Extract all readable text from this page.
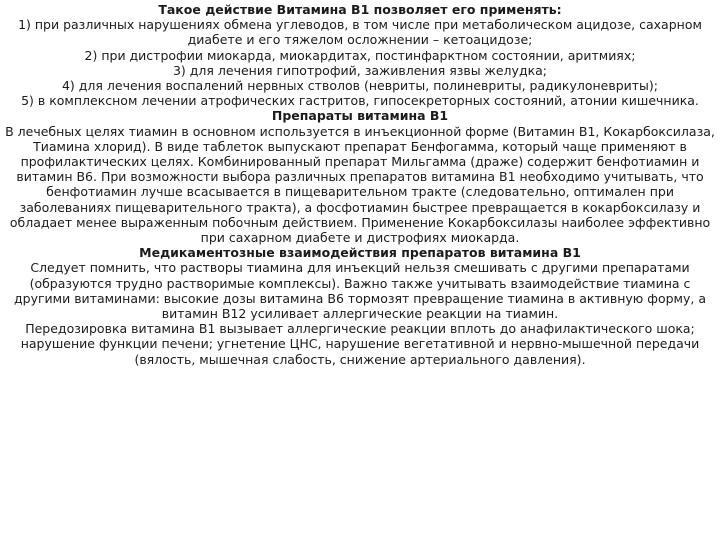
Такое действие Витамина В1 позволяет его применять:

1) при различных нарушениях обмена углеводов, в том числе при метаболическом ацидозе, сахарном диабете и его тяжелом осложнении – кетоацидозе;

2) при дистрофии миокарда, миокардитах, постинфарктном состоянии, аритмиях;

3) для лечения гипотрофий, заживления язвы желудка;

4) для лечения воспалений нервных стволов (невриты, полиневриты, радикулоневриты);

5) в комплексном лечении атрофических гастритов, гипосекреторных состояний, атонии кишечника.

Препараты витамина В1

В лечебных целях тиамин в основном используется в инъекционной форме (Витамин В1, Кокарбоксилаза, Тиамина хлорид). В виде таблеток выпускают препарат Бенфогамма, который чаще применяют в профилактических целях. Комбинированный препарат Мильгамма (драже) содержит бенфотиамин и витамин В6. При возможности выбора различных препаратов витамина В1 необходимо учитывать, что бенфотиамин лучше всасывается в пищеварительном тракте (следовательно, оптимален при заболеваниях пищеварительного тракта), а фосфотиамин быстрее превращается в кокарбоксилазу и обладает менее выраженным побочным действием. Применение Кокарбоксилазы наиболее эффективно при сахарном диабете и дистрофиях миокарда.

Медикаментозные взаимодействия препаратов витамина В1

Следует помнить, что растворы тиамина для инъекций нельзя смешивать с другими препаратами (образуются трудно растворимые комплексы). Важно также учитывать взаимодействие тиамина с другими витаминами: высокие дозы витамина В6 тормозят превращение тиамина в активную форму, а витамин В12 усиливает аллергические реакции на тиамин.

Передозировка витамина В1 вызывает аллергические реакции вплоть до анафилактического шока; нарушение функции печени; угнетение ЦНС, нарушение вегетативной и нервно-мышечной передачи (вялость, мышечная слабость, снижение артериального давления).
